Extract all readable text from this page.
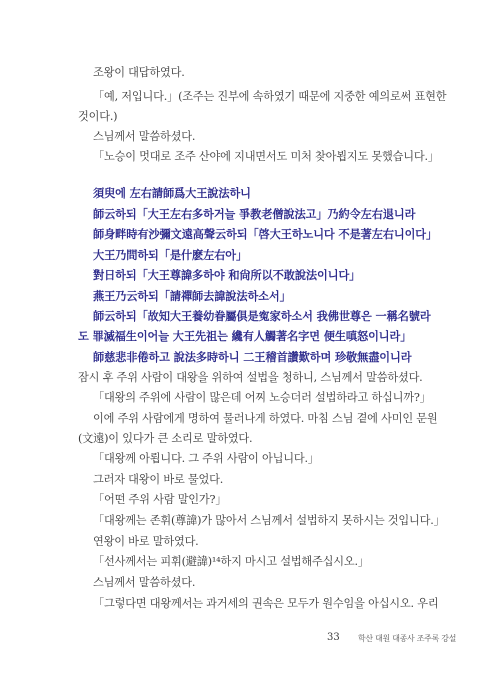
조왕이 대답하였다.
「예, 저입니다.」(조주는 진부에 속하였기 때문에 지중한 예의로써 표현한
것이다.)
스님께서 말씀하셨다.
「노승이 멋대로 조주 산야에 지내면서도 미처 찾아뵙지도 못했습니다.」
須臾에 左右請師爲大王說法하니
師云하되「大王左右多하거늘 爭教老僧說法고」乃約令左右退니라
師身畔時有沙彌文遠高聲云하되「啓大王하노니다 不是著左右니이다」
大王乃問하되「是什麽左右아」
對日하되「大王尊諱多하야 和尙所以不敢說法이니다」
燕王乃云하되「請禪師去諱說法하소서」
師云하되「故知大王養幼眷屬俱是寃家하소서 我佛世尊은 一稱名號라
도 罪滅福生이어늘 大王先祖는 纔有人觸著名字면 便生嗔怒이니라」
師慈悲非倦하고 說法多時하니 二王稽首讚歎하며 珍敬無盡이니라
잠시 후 주위 사람이 대왕을 위하여 설법을 청하니, 스님께서 말씀하셨다.
「대왕의 주위에 사람이 많은데 어찌 노승더러 설법하라고 하십니까?」
이에 주위 사람에게 명하여 물러나게 하였다. 마침 스님 곁에 사미인 문원
(文遠)이 있다가 큰 소리로 말하였다.
「대왕께 아룁니다. 그 주위 사람이 아닙니다.」
그러자 대왕이 바로 물었다.
「어떤 주위 사람 말인가?」
「대왕께는 존휘(尊諱)가 많아서 스님께서 설법하지 못하시는 것입니다.」
연왕이 바로 말하였다.
「선사께서는 피휘(避諱)¹⁴하지 마시고 설법해주십시오.」
스님께서 말씀하셨다.
「그렇다면 대왕께서는 과거세의 권속은 모두가 원수임을 아십시오. 우리
33 학산 대원 대종사 조주록 강설
